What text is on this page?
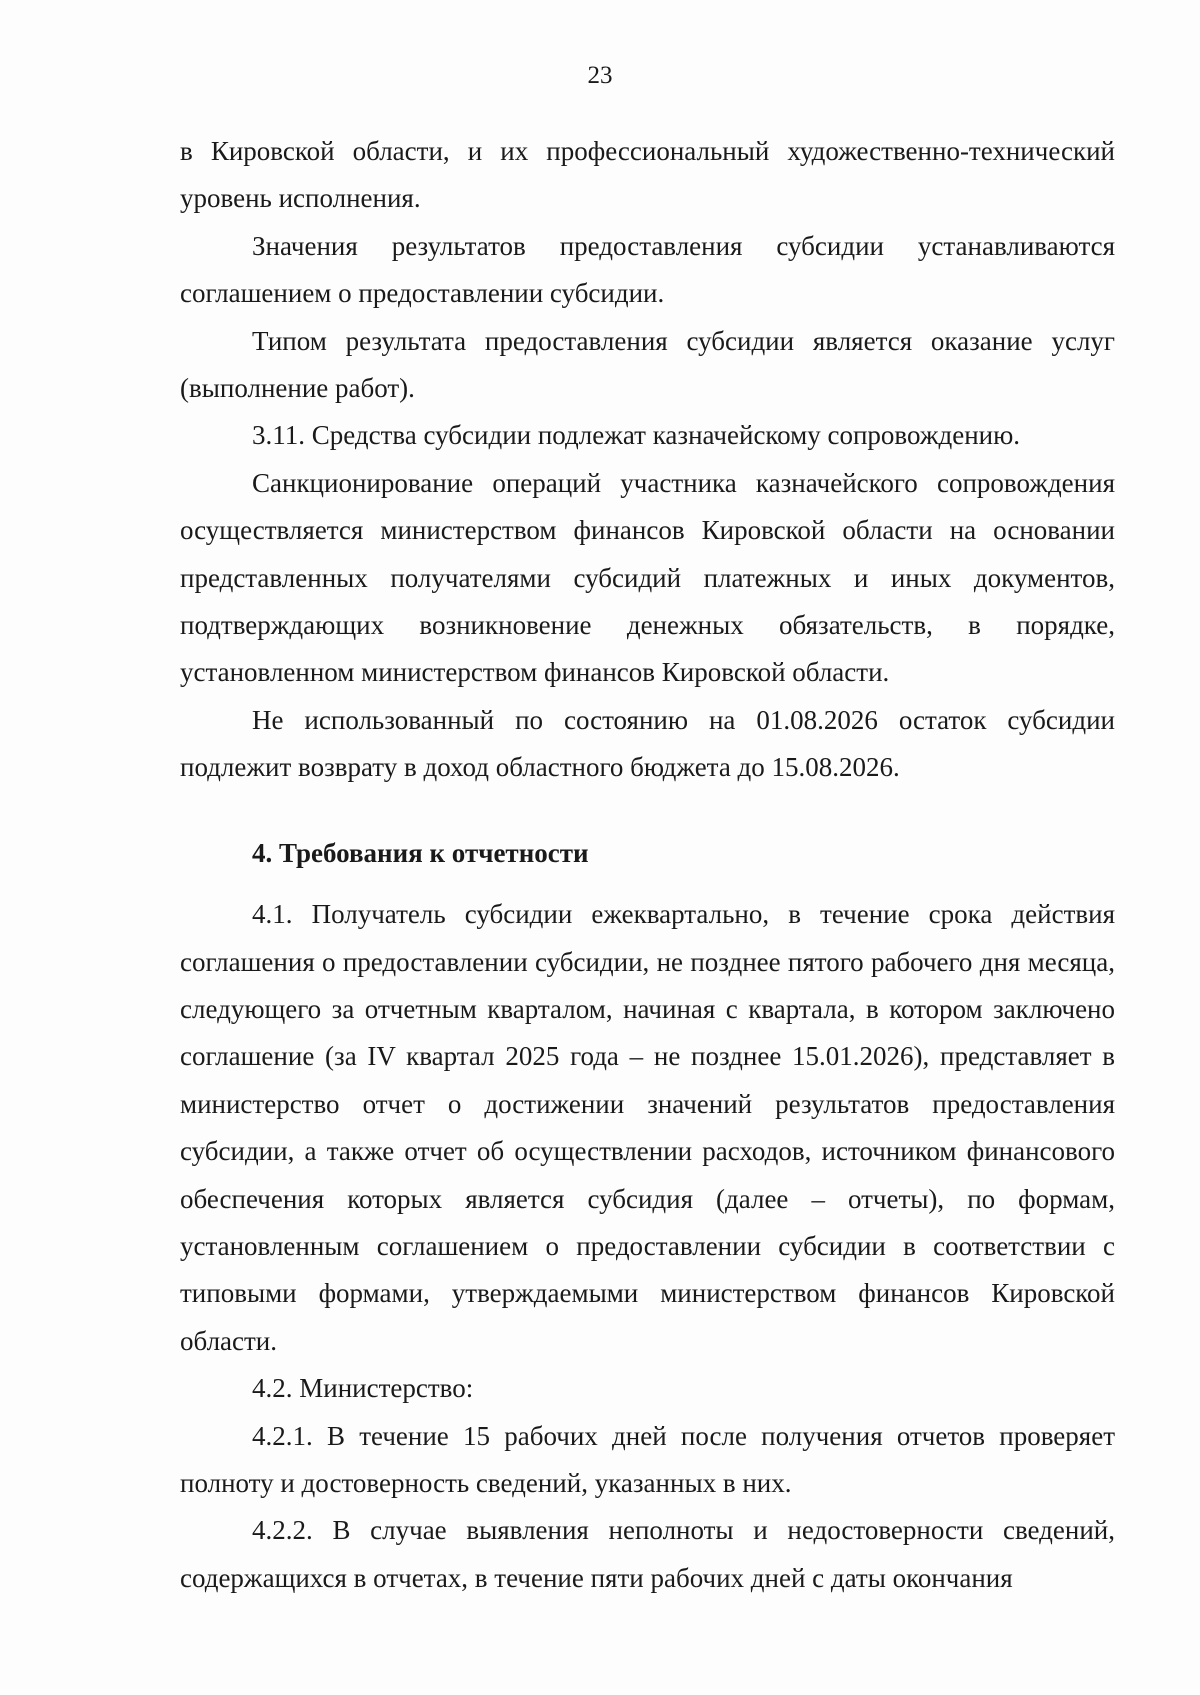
23

в Кировской области, и их профессиональный художественно-технический уровень исполнения.

Значения результатов предоставления субсидии устанавливаются соглашением о предоставлении субсидии.

Типом результата предоставления субсидии является оказание услуг (выполнение работ).

3.11. Средства субсидии подлежат казначейскому сопровождению.

Санкционирование операций участника казначейского сопровождения осуществляется министерством финансов Кировской области на основании представленных получателями субсидий платежных и иных документов, подтверждающих возникновение денежных обязательств, в порядке, установленном министерством финансов Кировской области.

Не использованный по состоянию на 01.08.2026 остаток субсидии подлежит возврату в доход областного бюджета до 15.08.2026.

4. Требования к отчетности

4.1. Получатель субсидии ежеквартально, в течение срока действия соглашения о предоставлении субсидии, не позднее пятого рабочего дня месяца, следующего за отчетным кварталом, начиная с квартала, в котором заключено соглашение (за IV квартал 2025 года – не позднее 15.01.2026), представляет в министерство отчет о достижении значений результатов предоставления субсидии, а также отчет об осуществлении расходов, источником финансового обеспечения которых является субсидия (далее – отчеты), по формам, установленным соглашением о предоставлении субсидии в соответствии с типовыми формами, утверждаемыми министерством финансов Кировской области.

4.2. Министерство:

4.2.1. В течение 15 рабочих дней после получения отчетов проверяет полноту и достоверность сведений, указанных в них.

4.2.2. В случае выявления неполноты и недостоверности сведений, содержащихся в отчетах, в течение пяти рабочих дней с даты окончания
